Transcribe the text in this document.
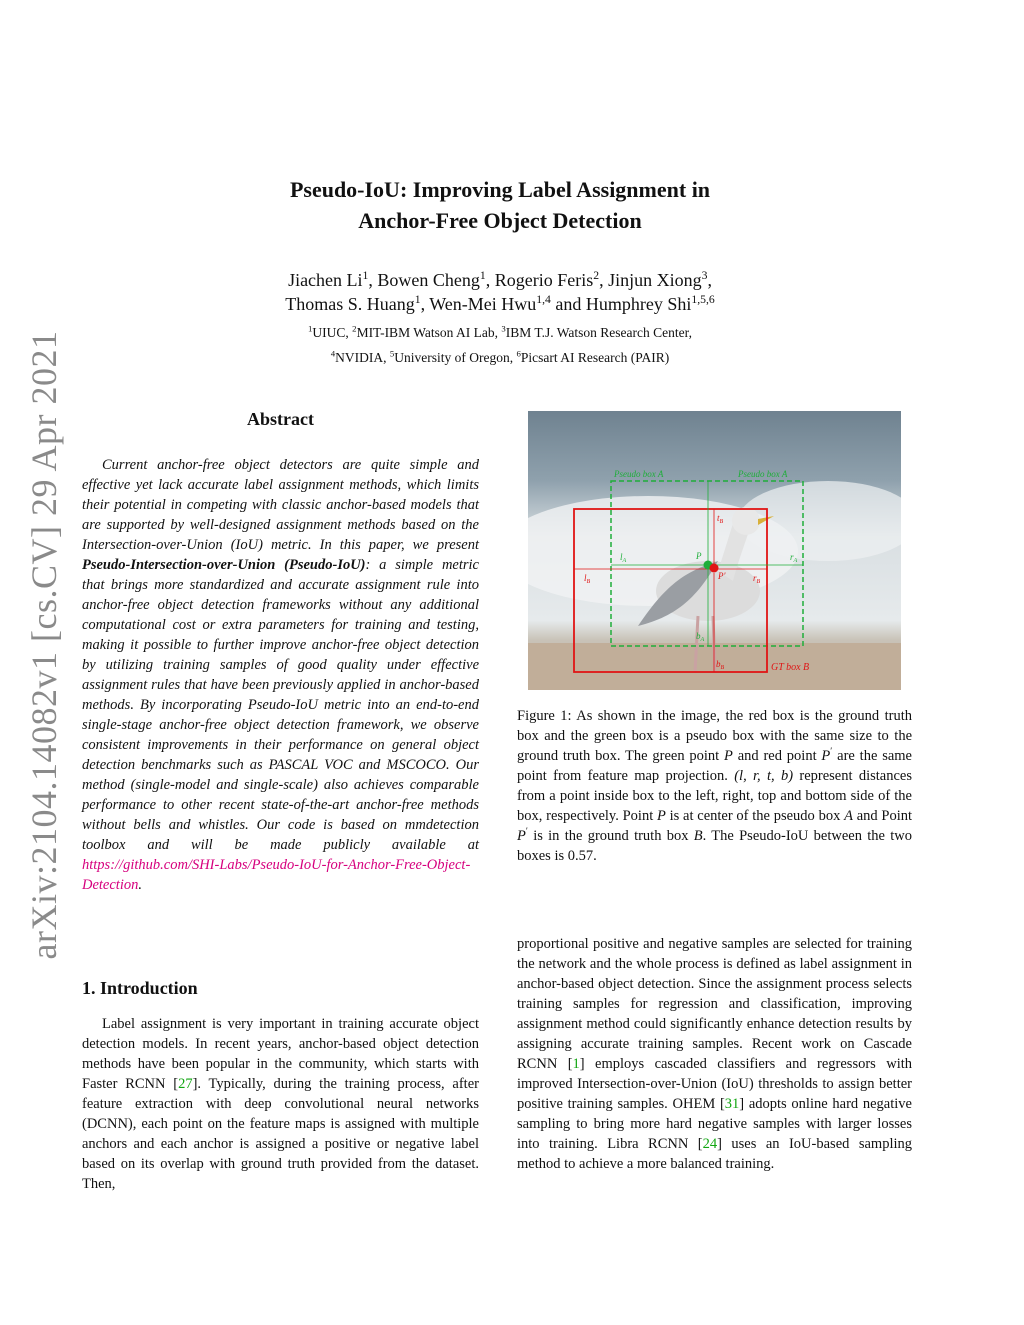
arXiv:2104.14082v1 [cs.CV] 29 Apr 2021
Pseudo-IoU: Improving Label Assignment in
Anchor-Free Object Detection
Jiachen Li$^1$, Bowen Cheng$^1$, Rogerio Feris$^2$, Jinjun Xiong$^3$,
Thomas S. Huang$^1$, Wen-Mei Hwu$^{1,4}$ and Humphrey Shi$^{1,5,6}$
$^1$UIUC, $^2$MIT-IBM Watson AI Lab, $^3$IBM T.J. Watson Research Center,
$^4$NVIDIA, $^5$University of Oregon, $^6$Picsart AI Research (PAIR)
Abstract

Current anchor-free object detectors are quite simple and effective yet lack accurate label assignment methods, which limits their potential in competing with classic anchor-based models that are supported by well-designed assignment methods based on the Intersection-over-Union (IoU) metric. In this paper, we present Pseudo-Intersection-over-Union (Pseudo-IoU): a simple metric that brings more standardized and accurate assignment rule into anchor-free object detection frameworks without any additional computational cost or extra parameters for training and testing, making it possible to further improve anchor-free object detection by utilizing training samples of good quality under effective assignment rules that have been previously applied in anchor-based methods. By incorporating Pseudo-IoU metric into an end-to-end single-stage anchor-free object detection framework, we observe consistent improvements in their performance on general object detection benchmarks such as PASCAL VOC and MSCOCO. Our method (single-model and single-scale) also achieves comparable performance to other recent state-of-the-art anchor-free methods without bells and whistles. Our code is based on mmdetection toolbox and will be made publicly available at https://github.com/SHI-Labs/Pseudo-IoU-for-Anchor-Free-Object-Detection.

1. Introduction

Label assignment is very important in training accurate object detection models. In recent years, anchor-based object detection methods have been popular in the community, which starts with Faster RCNN [27]. Typically, during the training process, after feature extraction with deep convolutional neural networks (DCNN), each point on the feature maps is assigned with multiple anchors and each anchor is assigned a positive or negative label based on its overlap with ground truth provided from the dataset. Then,

Pseudo box A	Pseudo box A
GT box B
$t_B$
$l_A$
$l_B$
$r_A$
$r_B$
$b_A$
$b_B$
P
P'
Figure 1: As shown in the image, the red box is the ground truth box and the green box is a pseudo box with the same size to the ground truth box. The green point P and red point P′ are the same point from feature map projection. (l, r, t, b) represent distances from a point inside box to the left, right, top and bottom side of the box, respectively. Point P is at center of the pseudo box A and Point P′ is in the ground truth box B. The Pseudo-IoU between the two boxes is 0.57.

proportional positive and negative samples are selected for training the network and the whole process is defined as label assignment in anchor-based object detection. Since the assignment process selects training samples for regression and classification, improving assignment method could significantly enhance detection results by assigning accurate training samples. Recent work on Cascade RCNN [1] employs cascaded classifiers and regressors with improved Intersection-over-Union (IoU) thresholds to assign better positive training samples. OHEM [31] adopts online hard negative sampling to bring more hard negative samples with larger losses into training. Libra RCNN [24] uses an IoU-based sampling method to achieve a more balanced training.
